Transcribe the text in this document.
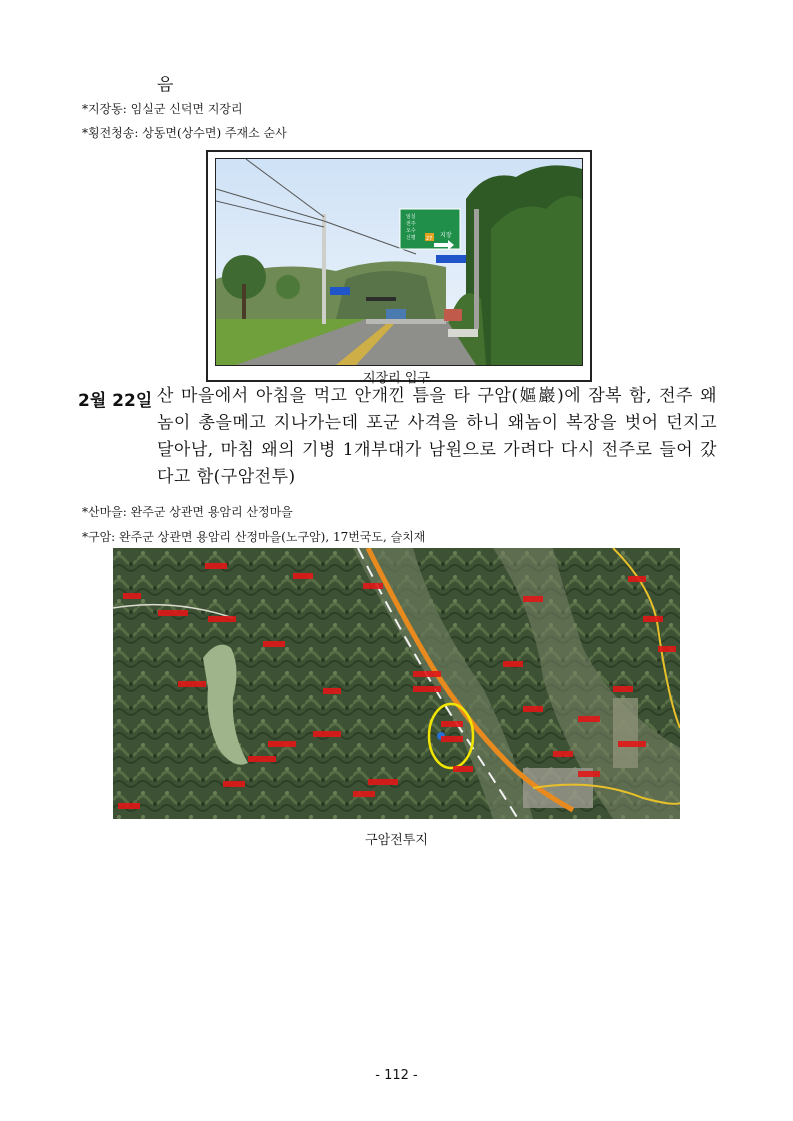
음
*지장동: 임실군 신덕면 지장리
*횡전청송: 상동면(상수면) 주재소 순사
임실
전주
오수
신평 27 지장
지장리 입구
2월 22일 산 마을에서 아침을 먹고 안개낀 틈을 타 구암(嫗巖)에 잠복 함, 전주 왜놈이 총을메고 지나가는데 포군 사격을 하니 왜놈이 복장을 벗어 던지고 달아남, 마침 왜의 기병 1개부대가 남원으로 가려다 다시 전주로 들어 갔다고 함(구암전투)
*산마을: 완주군 상관면 용암리 산정마을
*구암: 완주군 상관면 용암리 산정마을(노구암), 17번국도, 슬치재
구암전투지
- 112 -
